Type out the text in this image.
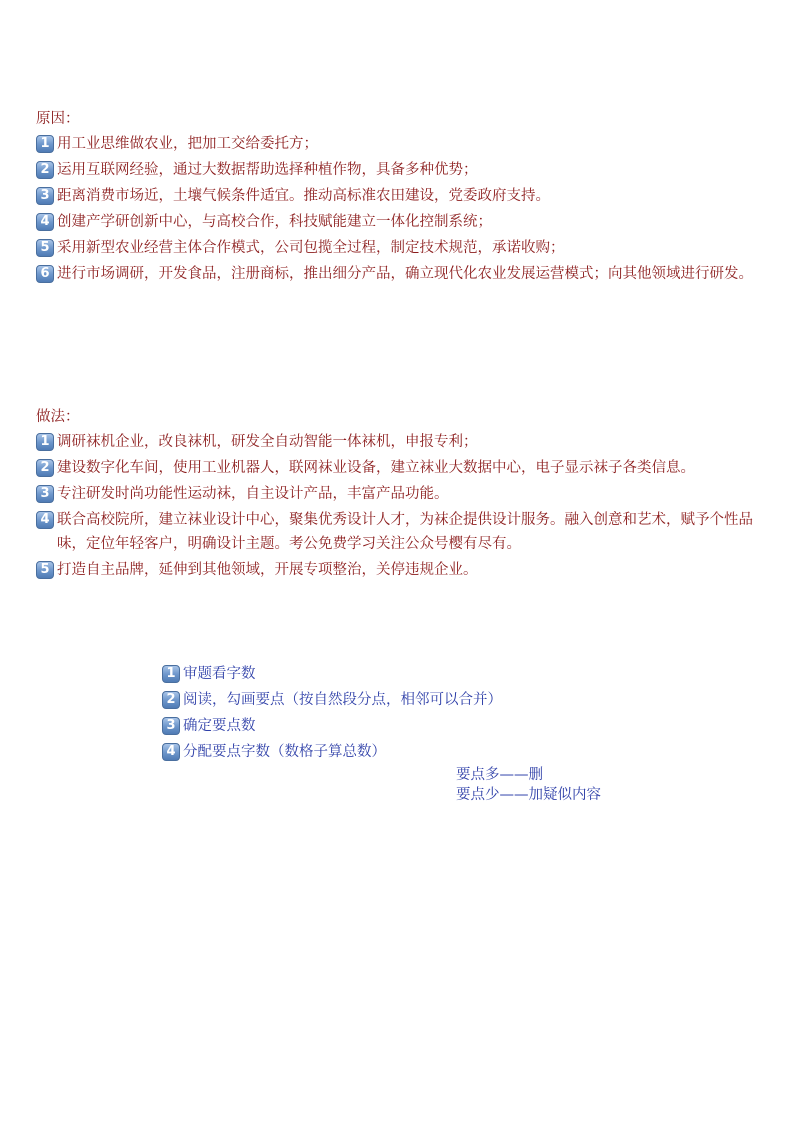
原因：
1 用工业思维做农业，把加工交给委托方；
2 运用互联网经验，通过大数据帮助选择种植作物，具备多种优势；
3 距离消费市场近，土壤气候条件适宜。推动高标准农田建设，党委政府支持。
4 创建产学研创新中心，与高校合作，科技赋能建立一体化控制系统；
5 采用新型农业经营主体合作模式，公司包揽全过程，制定技术规范，承诺收购；
6 进行市场调研，开发食品，注册商标，推出细分产品，确立现代化农业发展运营模式；向其他领域进行研发。
做法：
1 调研袜机企业，改良袜机，研发全自动智能一体袜机，申报专利；
2 建设数字化车间，使用工业机器人，联网袜业设备，建立袜业大数据中心，电子显示袜子各类信息。
3 专注研发时尚功能性运动袜，自主设计产品，丰富产品功能。
4 联合高校院所，建立袜业设计中心，聚集优秀设计人才，为袜企提供设计服务。融入创意和艺术，赋予个性品味，定位年轻客户，明确设计主题。考公免费学习关注公众号樱有尽有。
5 打造自主品牌，延伸到其他领域，开展专项整治，关停违规企业。
1 审题看字数
2 阅读，勾画要点（按自然段分点，相邻可以合并）
3 确定要点数
4 分配要点字数（数格子算总数）
要点多——删
要点少——加疑似内容
